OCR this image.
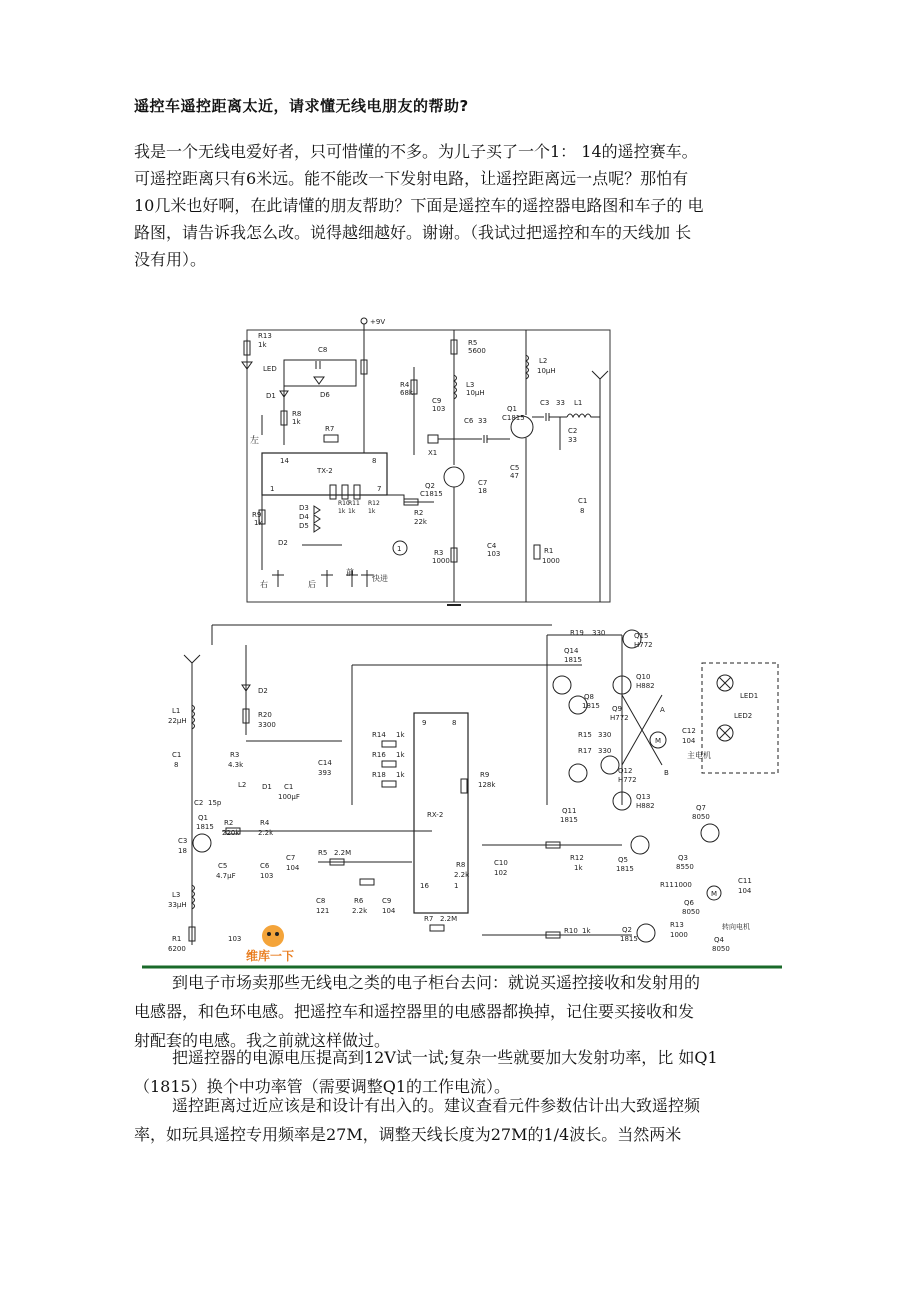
遥控车遥控距离太近，请求懂无线电朋友的帮助?
我是一个无线电爱好者，只可惜懂的不多。为儿子买了一个1： 14的遥控赛车。
可遥控距离只有6米远。能不能改一下发射电路，让遥控距离远一点呢？那怕有
10几米也好啊，在此请懂的朋友帮助？下面是遥控车的遥控器电路图和车子的 电
路图，请告诉我怎么改。说得越细越好。谢谢。（我试过把遥控和车的天线加 长
没有用）。
+9V
R13
1k
LED
C8
D6
D1
R8
1k
左
R7
TX-2
14	8
1	7
R9
1k
D2
D3
D4
D5
R10
R11 R12
1k 1k 1k
右	后
前
快进
1
R2
22k
R5
5600
R4
68k
C9
103
L3
10μH
X1
C6 33
Q2
C1815
C7
18
R3
1000
L2
10μH
Q1
C1815
C3 33 L1
C2
33
C5
47
C4
103	R1
1000
C1
8
L1
22μH
C1
8
C2 15p
L2
Q1
1815
C3
18
L3
33μH
R1
6200
103
D2
R20
3300
R3
4.3k
D1 C1
100μF
C14
393
R2
220k
C5
4.7μF
C6
103
R4
2.2k
C7
104
R5 2.2M
C8
121
R6
2.2k
C9
104
R7 2.2M
RX-2
9	8
16	1
R14 1k
R16 1k
R18 1k	R9
128k
R8
2.2k
C10
102
R19 330	Q15
H772
Q14
1815
Q10
H882
Q8
1815 Q9
H772
R15 330
R17 330
Q12
H772
Q11
1815
Q13
H882
A
B
M
C12
104
主电机
LED1
LED2
R12
1k
Q5
1815
Q7
8050
Q3
8550
R11 1000
M
C11
104
Q6
8050
R13
1000
转向电机
Q4
8050
R10 1k	Q2
1815
维库一下
到电子市场卖那些无线电之类的电子柜台去问：就说买遥控接收和发射用的
电感器，和色环电感。把遥控车和遥控器里的电感器都换掉，记住要买接收和发
射配套的电感。我之前就这样做过。
把遥控器的电源电压提高到12V试一试;复杂一些就要加大发射功率，比 如Q1
（1815）换个中功率管（需要调整Q1的工作电流）。
遥控距离过近应该是和设计有出入的。建议查看元件参数估计出大致遥控频
率，如玩具遥控专用频率是27M，调整天线长度为27M的1/4波长。当然两米
